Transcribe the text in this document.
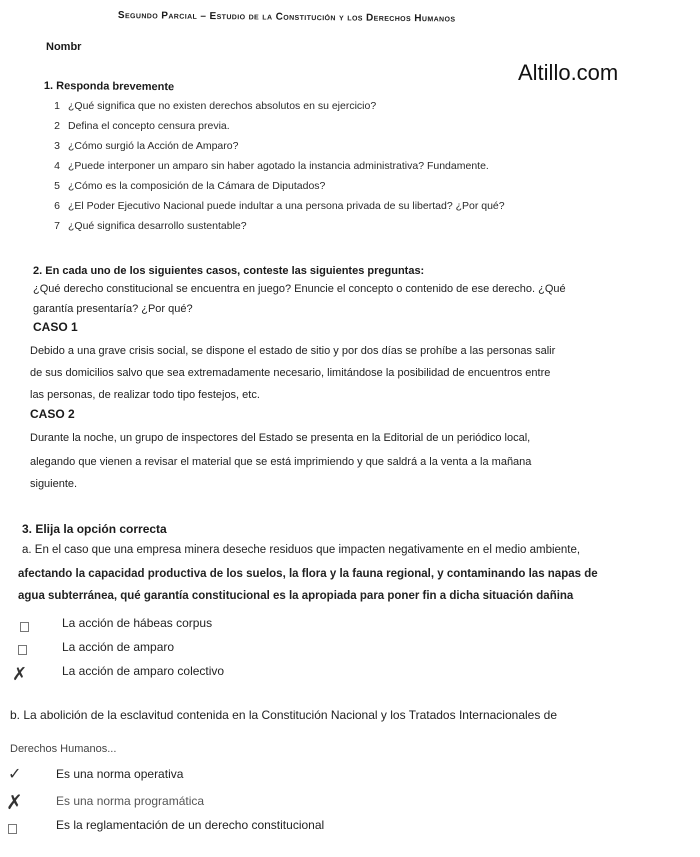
Segundo Parcial – Estudio de la Constitución y los Derechos Humanos
Nombr
Altillo.com
1. Responda brevemente
1 ¿Qué significa que no existen derechos absolutos en su ejercicio?
2 Defina el concepto censura previa.
3 ¿Cómo surgió la Acción de Amparo?
4 ¿Puede interponer un amparo sin haber agotado la instancia administrativa? Fundamente.
5 ¿Cómo es la composición de la Cámara de Diputados?
6 ¿El Poder Ejecutivo Nacional puede indultar a una persona privada de su libertad? ¿Por qué?
7 ¿Qué significa desarrollo sustentable?
2. En cada uno de los siguientes casos, conteste las siguientes preguntas:
¿Qué derecho constitucional se encuentra en juego? Enuncie el concepto o contenido de ese derecho. ¿Qué
garantía presentaría? ¿Por qué?
CASO 1
Debido a una grave crisis social, se dispone el estado de sitio y por dos días se prohíbe a las personas salir
de sus domicilios salvo que sea extremadamente necesario, limitándose la posibilidad de encuentros entre
las personas, de realizar todo tipo festejos, etc.
CASO 2
Durante la noche, un grupo de inspectores del Estado se presenta en la Editorial de un periódico local,
alegando que vienen a revisar el material que se está imprimiendo y que saldrá a la venta a la mañana
siguiente.
3. Elija la opción correcta
a. En el caso que una empresa minera deseche residuos que impacten negativamente en el medio ambiente,
afectando la capacidad productiva de los suelos, la flora y la fauna regional, y contaminando las napas de
agua subterránea, qué garantía constitucional es la apropiada para poner fin a dicha situación dañina
La acción de hábeas corpus
La acción de amparo
✗	La acción de amparo colectivo
b. La abolición de la esclavitud contenida en la Constitución Nacional y los Tratados Internacionales de
Derechos Humanos...
✓	Es una norma operativa
✗	Es una norma programática
Es la reglamentación de un derecho constitucional
